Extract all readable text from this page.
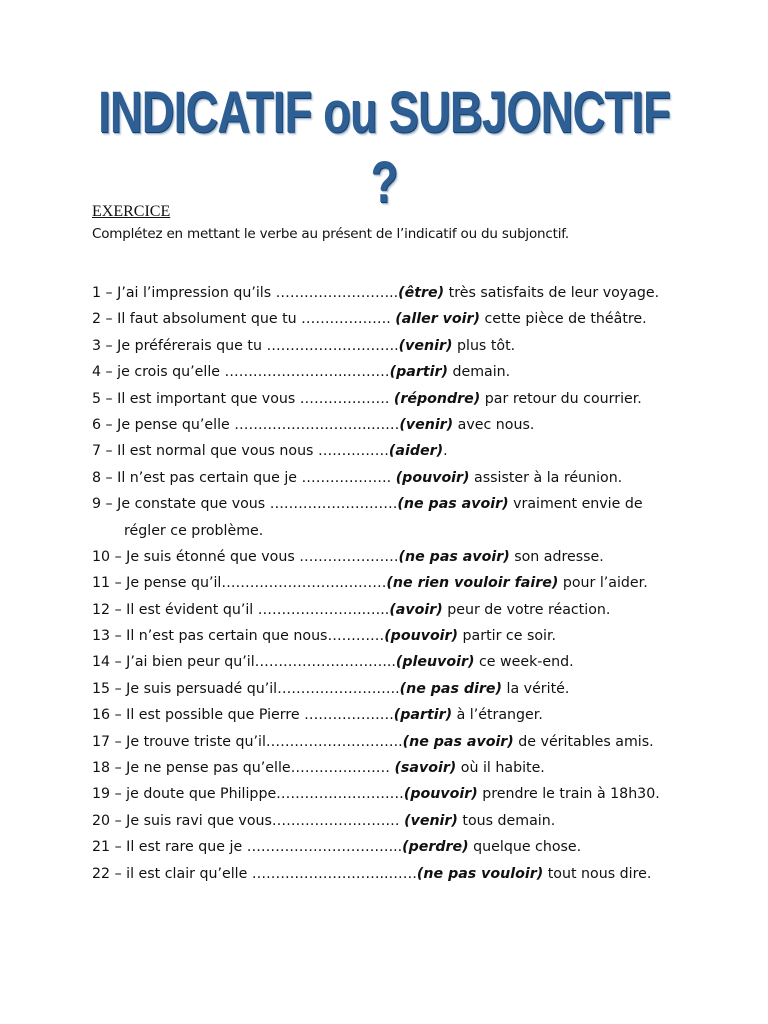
INDICATIF ou SUBJONCTIF ?
EXERCICE
Complétez en mettant le verbe au présent de l’indicatif ou du subjonctif.
1 – J’ai l’impression qu’ils ……………………..(être) très satisfaits de leur voyage.
2 – Il faut absolument que tu ………………. (aller voir) cette pièce de théâtre.
3 – Je préférerais que tu ……………………….(venir) plus tôt.
4 – je crois qu’elle ……………………..………(partir) demain.
5 – Il est important que vous ………………. (répondre) par retour du courrier.
6 – Je pense qu’elle ………………………..……(venir) avec nous.
7 – Il est normal que vous nous ……………(aider).
8 – Il n’est pas certain que je ………………. (pouvoir) assister à la réunion.
9 – Je constate que vous ………………………(ne pas avoir) vraiment envie de
régler ce problème.
10 – Je suis étonné que vous …………………(ne pas avoir) son adresse.
11 – Je pense qu’il……………………..………(ne rien vouloir faire) pour l’aider.
12 – Il est évident qu’il …………………..…..(avoir) peur de votre réaction.
13 – Il n’est pas certain que nous…………(pouvoir) partir ce soir.
14 – J’ai bien peur qu’il………………………...(pleuvoir) ce week-end.
15 – Je suis persuadé qu’il……………………..(ne pas dire) la vérité.
16 – Il est possible que Pierre ……………….(partir) à l’étranger.
17 – Je trouve triste qu’il………………………..(ne pas avoir) de véritables amis.
18 – Je ne pense pas qu’elle………………… (savoir) où il habite.
19 – je doute que Philippe………………………(pouvoir) prendre le train à 18h30.
20 – Je suis ravi que vous……………………… (venir) tous demain.
21 – Il est rare que je …………………………...(perdre) quelque chose.
22 – il est clair qu’elle ………………………..……(ne pas vouloir) tout nous dire.
